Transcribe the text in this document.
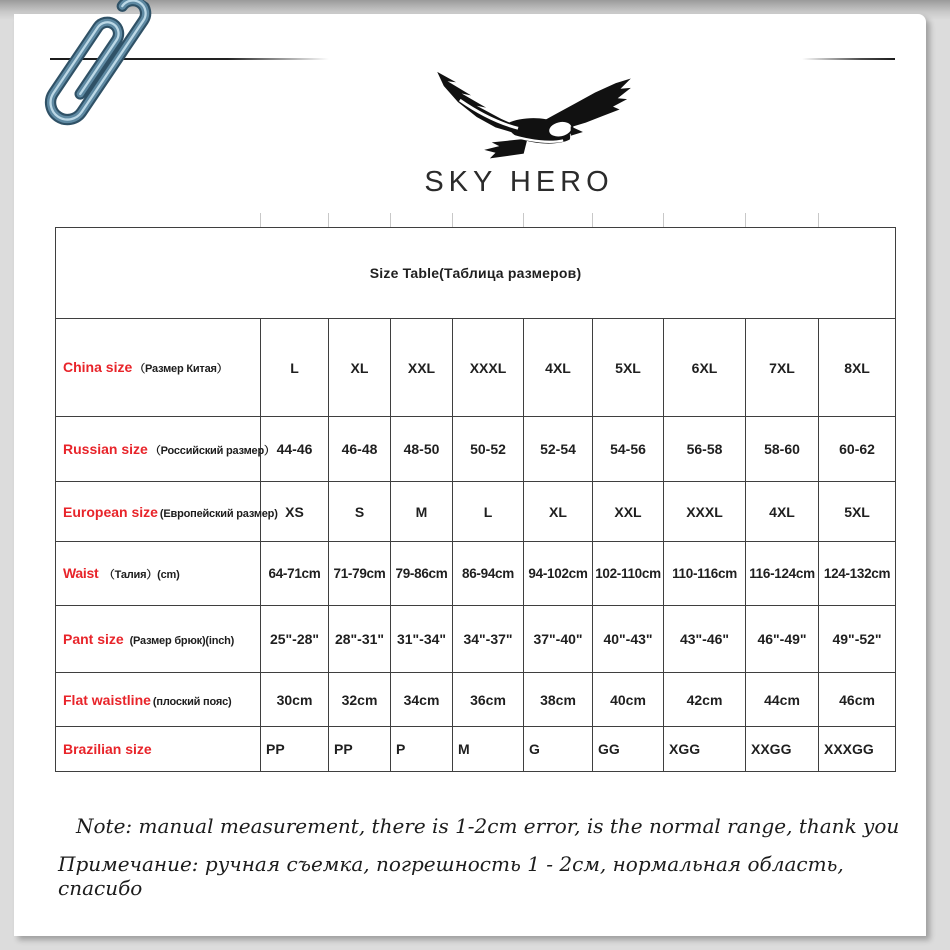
SKY HERO
Size Table(Таблица размеров)									
China size （Размер Китая）	L	XL	XXL	XXXL	4XL	5XL	6XL	7XL	8XL
Russian size （Российский размер）	44-46	46-48	48-50	50-52	52-54	54-56	56-58	58-60	60-62
European size (Европейский размер)	XS	S	M	L	XL	XXL	XXXL	4XL	5XL
Waist （Талия）(cm)	64-71cm	71-79cm	79-86cm	86-94cm	94-102cm	102-110cm	110-116cm	116-124cm	124-132cm
Pant size (Размер брюк)(inch)	25"-28"	28"-31"	31"-34"	34"-37"	37"-40"	40"-43"	43"-46"	46"-49"	49"-52"
Flat waistline (плоский пояс)	30cm	32cm	34cm	36cm	38cm	40cm	42cm	44cm	46cm
Brazilian size	PP	PP	P	M	G	GG	XGG	XXGG	XXXGG

Note: manual measurement, there is 1-2cm error, is the normal range, thank you

Примечание: ручная съемка, погрешность 1 - 2см, нормальная область, спасибо
